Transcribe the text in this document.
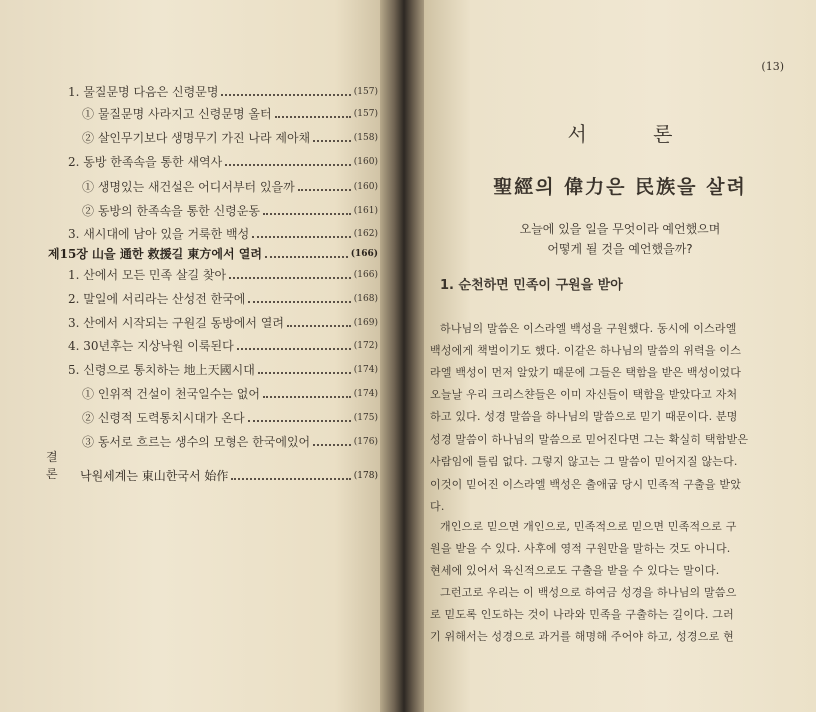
1. 물질문명 다음은 신령문명	(157)
① 물질문명 사라지고 신령문명 올터	(157)
② 살인무기보다 생명무기 가진 나라 제아채	(158)
2. 동방 한족속을 통한 새역사	(160)
① 생명있는 새건설은 어디서부터 있을까	(160)
② 동방의 한족속을 통한 신령운동	(161)
3. 새시대에 남아 있을 거룩한 백성	(162)
제15장 山을 通한 救援길 東方에서 열려	(166)
1. 산에서 모든 민족 살길 찾아	(166)
2. 말일에 서리라는 산성전 한국에	(168)
3. 산에서 시작되는 구원길 동방에서 열려	(169)
4. 30년후는 지상낙원 이룩된다	(172)
5. 신령으로 통치하는 地上天國시대	(174)
① 인위적 건설이 천국일수는 없어	(174)
② 신령적 도력통치시대가 온다	(175)
③ 동서로 흐르는 생수의 모형은 한국에있어	(176)
결 론 낙원세계는 東山한국서 始作	(178)
(13)
서 론
聖經의 偉力은 民族을 살려
오늘에 있을 일을 무엇이라 예언했으며
어떻게 될 것을 예언했을까?
1. 순천하면 민족이 구원을 받아
하나님의 말씀은 이스라엘 백성을 구원했다. 동시에 이스라엘
백성에게 책벌이기도 했다. 이같은 하나님의 말씀의 위력을 이스
라엘 백성이 먼저 알았기 때문에 그들은 택함을 받은 백성이었다
오늘날 우리 크리스챤들은 이미 자신들이 택함을 받았다고 자처
하고 있다. 성경 말씀을 하나님의 말씀으로 믿기 때문이다. 분명
성경 말씀이 하나님의 말씀으로 믿어진다면 그는 확실히 택함받은
사람임에 틀림 없다. 그렇지 않고는 그 말씀이 믿어지질 않는다.
이것이 믿어진 이스라엘 백성은 출애굽 당시 민족적 구출을 받았
다.
개인으로 믿으면 개인으로, 민족적으로 믿으면 민족적으로 구
원을 받을 수 있다. 사후에 영적 구원만을 말하는 것도 아니다.
현세에 있어서 육신적으로도 구출을 받을 수 있다는 말이다.
그런고로 우리는 이 백성으로 하여금 성경을 하나님의 말씀으
로 믿도록 인도하는 것이 나라와 민족을 구출하는 길이다. 그러
기 위해서는 성경으로 과거를 해명해 주어야 하고, 성경으로 현
